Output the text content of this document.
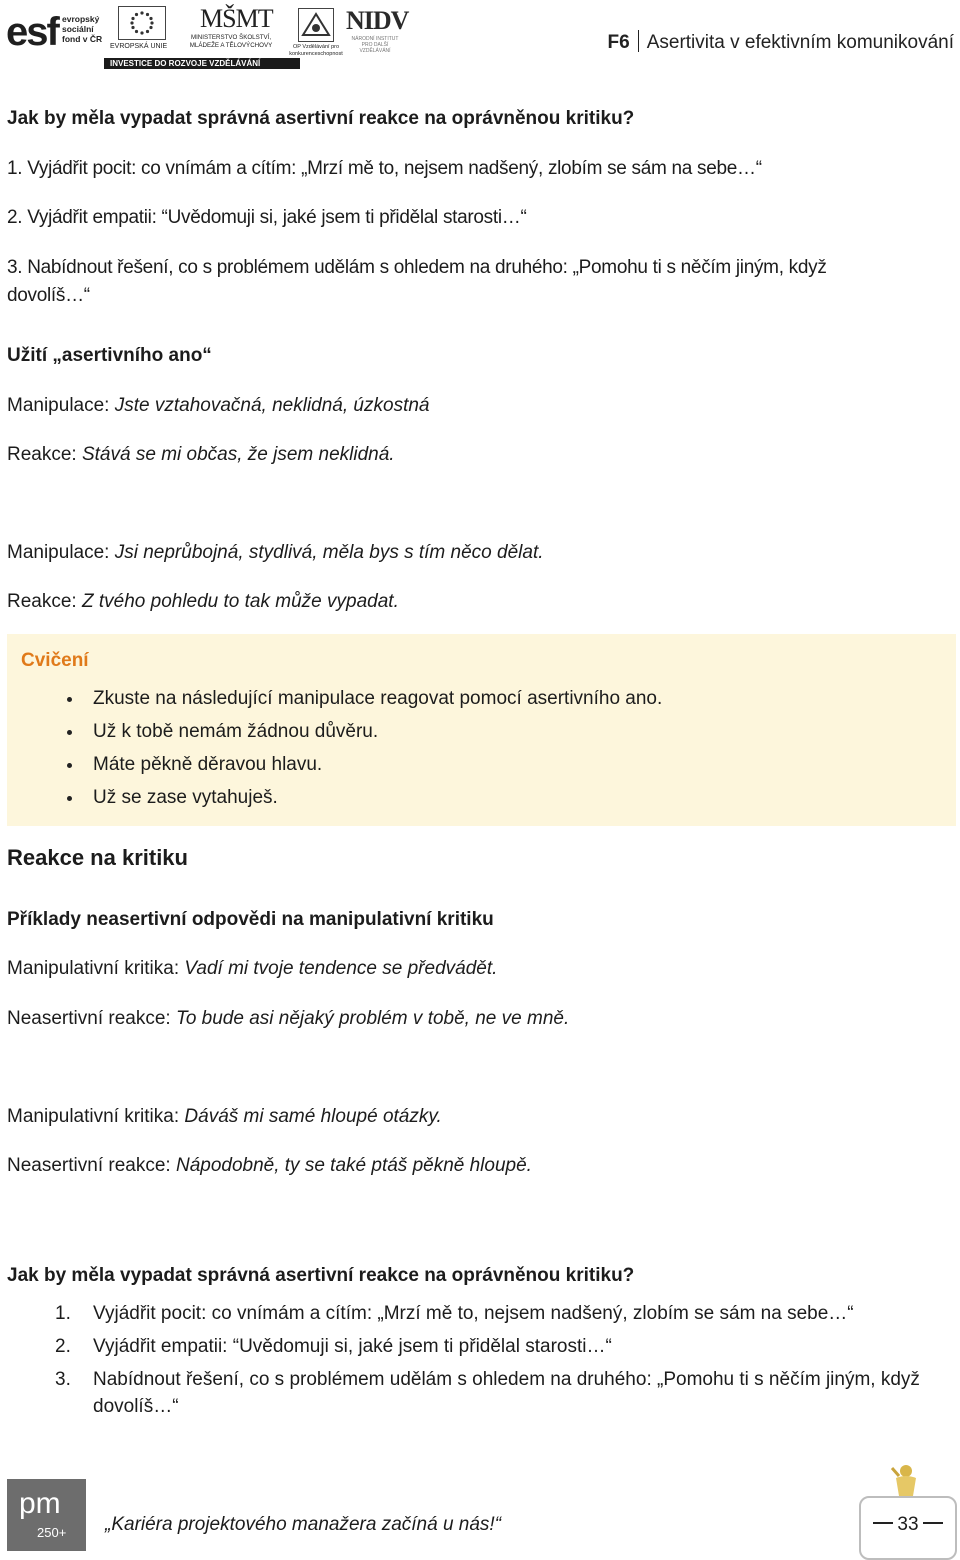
esf evropský
sociální
fond v ČR
EVROPSKÁ UNIE
MŠMT
MINISTERSTVO ŠKOLSTVÍ, MLÁDEŽE A TĚLOVÝCHOVY	OP Vzdělávání pro konkurenceschopnost
NIDV
NÁRODNÍ INSTITUT PRO DALŠÍ VZDĚLÁVÁNÍ
INVESTICE DO ROZVOJE VZDĚLÁVÁNÍ
F6 Asertivita v efektivním komunikování
Jak by měla vypadat správná asertivní reakce na oprávněnou kritiku?
1. Vyjádřit pocit: co vnímám a cítím: „Mrzí mě to, nejsem nadšený, zlobím se sám na sebe…“
2. Vyjádřit empatii: “Uvědomuji si, jaké jsem ti přidělal starosti…“
3. Nabídnout řešení, co s problémem udělám s ohledem na druhého: „Pomohu ti s něčím jiným, když
dovolíš…“
Užití „asertivního ano“
Manipulace: Jste vztahovačná, neklidná, úzkostná
Reakce: Stává se mi občas, že jsem neklidná.
Manipulace: Jsi neprůbojná, stydlivá, měla bys s tím něco dělat.
Reakce: Z tvého pohledu to tak může vypadat.
Cvičení
Zkuste na následující manipulace reagovat pomocí asertivního ano.
Už k tobě nemám žádnou důvěru.
Máte pěkně děravou hlavu.
Už se zase vytahuješ.
Reakce na kritiku
Příklady neasertivní odpovědi na manipulativní kritiku
Manipulativní kritika: Vadí mi tvoje tendence se předvádět.
Neasertivní reakce: To bude asi nějaký problém v tobě, ne ve mně.
Manipulativní kritika: Dáváš mi samé hloupé otázky.
Neasertivní reakce: Nápodobně, ty se také ptáš pěkně hloupě.
Jak by měla vypadat správná asertivní reakce na oprávněnou kritiku?
1. Vyjádřit pocit: co vnímám a cítím: „Mrzí mě to, nejsem nadšený, zlobím se sám na sebe…“
2. Vyjádřit empatii: “Uvědomuji si, jaké jsem ti přidělal starosti…“
3. Nabídnout řešení, co s problémem udělám s ohledem na druhého: „Pomohu ti s něčím jiným, když dovolíš…“
pm
250+ „Kariéra projektového manažera začíná u nás!“	33
